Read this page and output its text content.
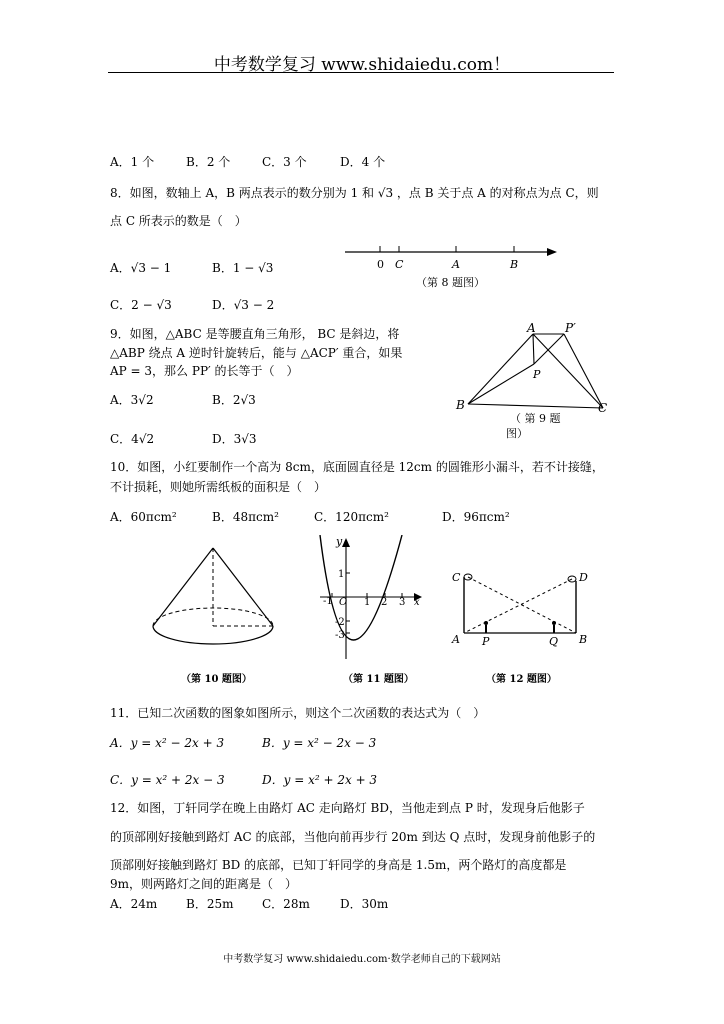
中考数学复习 www.shidaiedu.com！
A．1 个	B．2 个	C．3 个	D．4 个
8．如图，数轴上 A，B 两点表示的数分别为 1 和 √3 ，点 B 关于点 A 的对称点为点 C，则
点 C 所表示的数是（　）
A．√3 − 1	B．1 − √3
C．2 − √3	D．√3 − 2
0 C	A	B
（第 8 题图）
9．如图，△ABC 是等腰直角三角形， BC 是斜边，将
△ABP 绕点 A 逆时针旋转后，能与 △ACP′ 重合，如果
AP = 3，那么 PP′ 的长等于（　）
A．3√2	B．2√3
C．4√2	D．3√3
A P′
P
B	C
（ 第 9 题
图）
10．如图，小红要制作一个高为 8cm，底面圆直径是 12cm 的圆锥形小漏斗，若不计接缝，
不计损耗，则她所需纸板的面积是（　）
A．60πcm²	B．48πcm²	C．120πcm²	D．96πcm²
（第 10 题图）
y
1
-1 O 1 2 3 x
-2
-3
（第 11 题图）
C	D
A P	Q B
（第 12 题图）
11．已知二次函数的图象如图所示，则这个二次函数的表达式为（　）
A．y = x² − 2x + 3	B．y = x² − 2x − 3
C．y = x² + 2x − 3	D．y = x² + 2x + 3
12．如图，丁轩同学在晚上由路灯 AC 走向路灯 BD，当他走到点 P 时，发现身后他影子
的顶部刚好接触到路灯 AC 的底部，当他向前再步行 20m 到达 Q 点时，发现身前他影子的
顶部刚好接触到路灯 BD 的底部，已知丁轩同学的身高是 1.5m，两个路灯的高度都是
9m，则两路灯之间的距离是（　）
A．24m B．25m C．28m	D．30m
中考数学复习 www.shidaiedu.com·数学老师自己的下载网站
